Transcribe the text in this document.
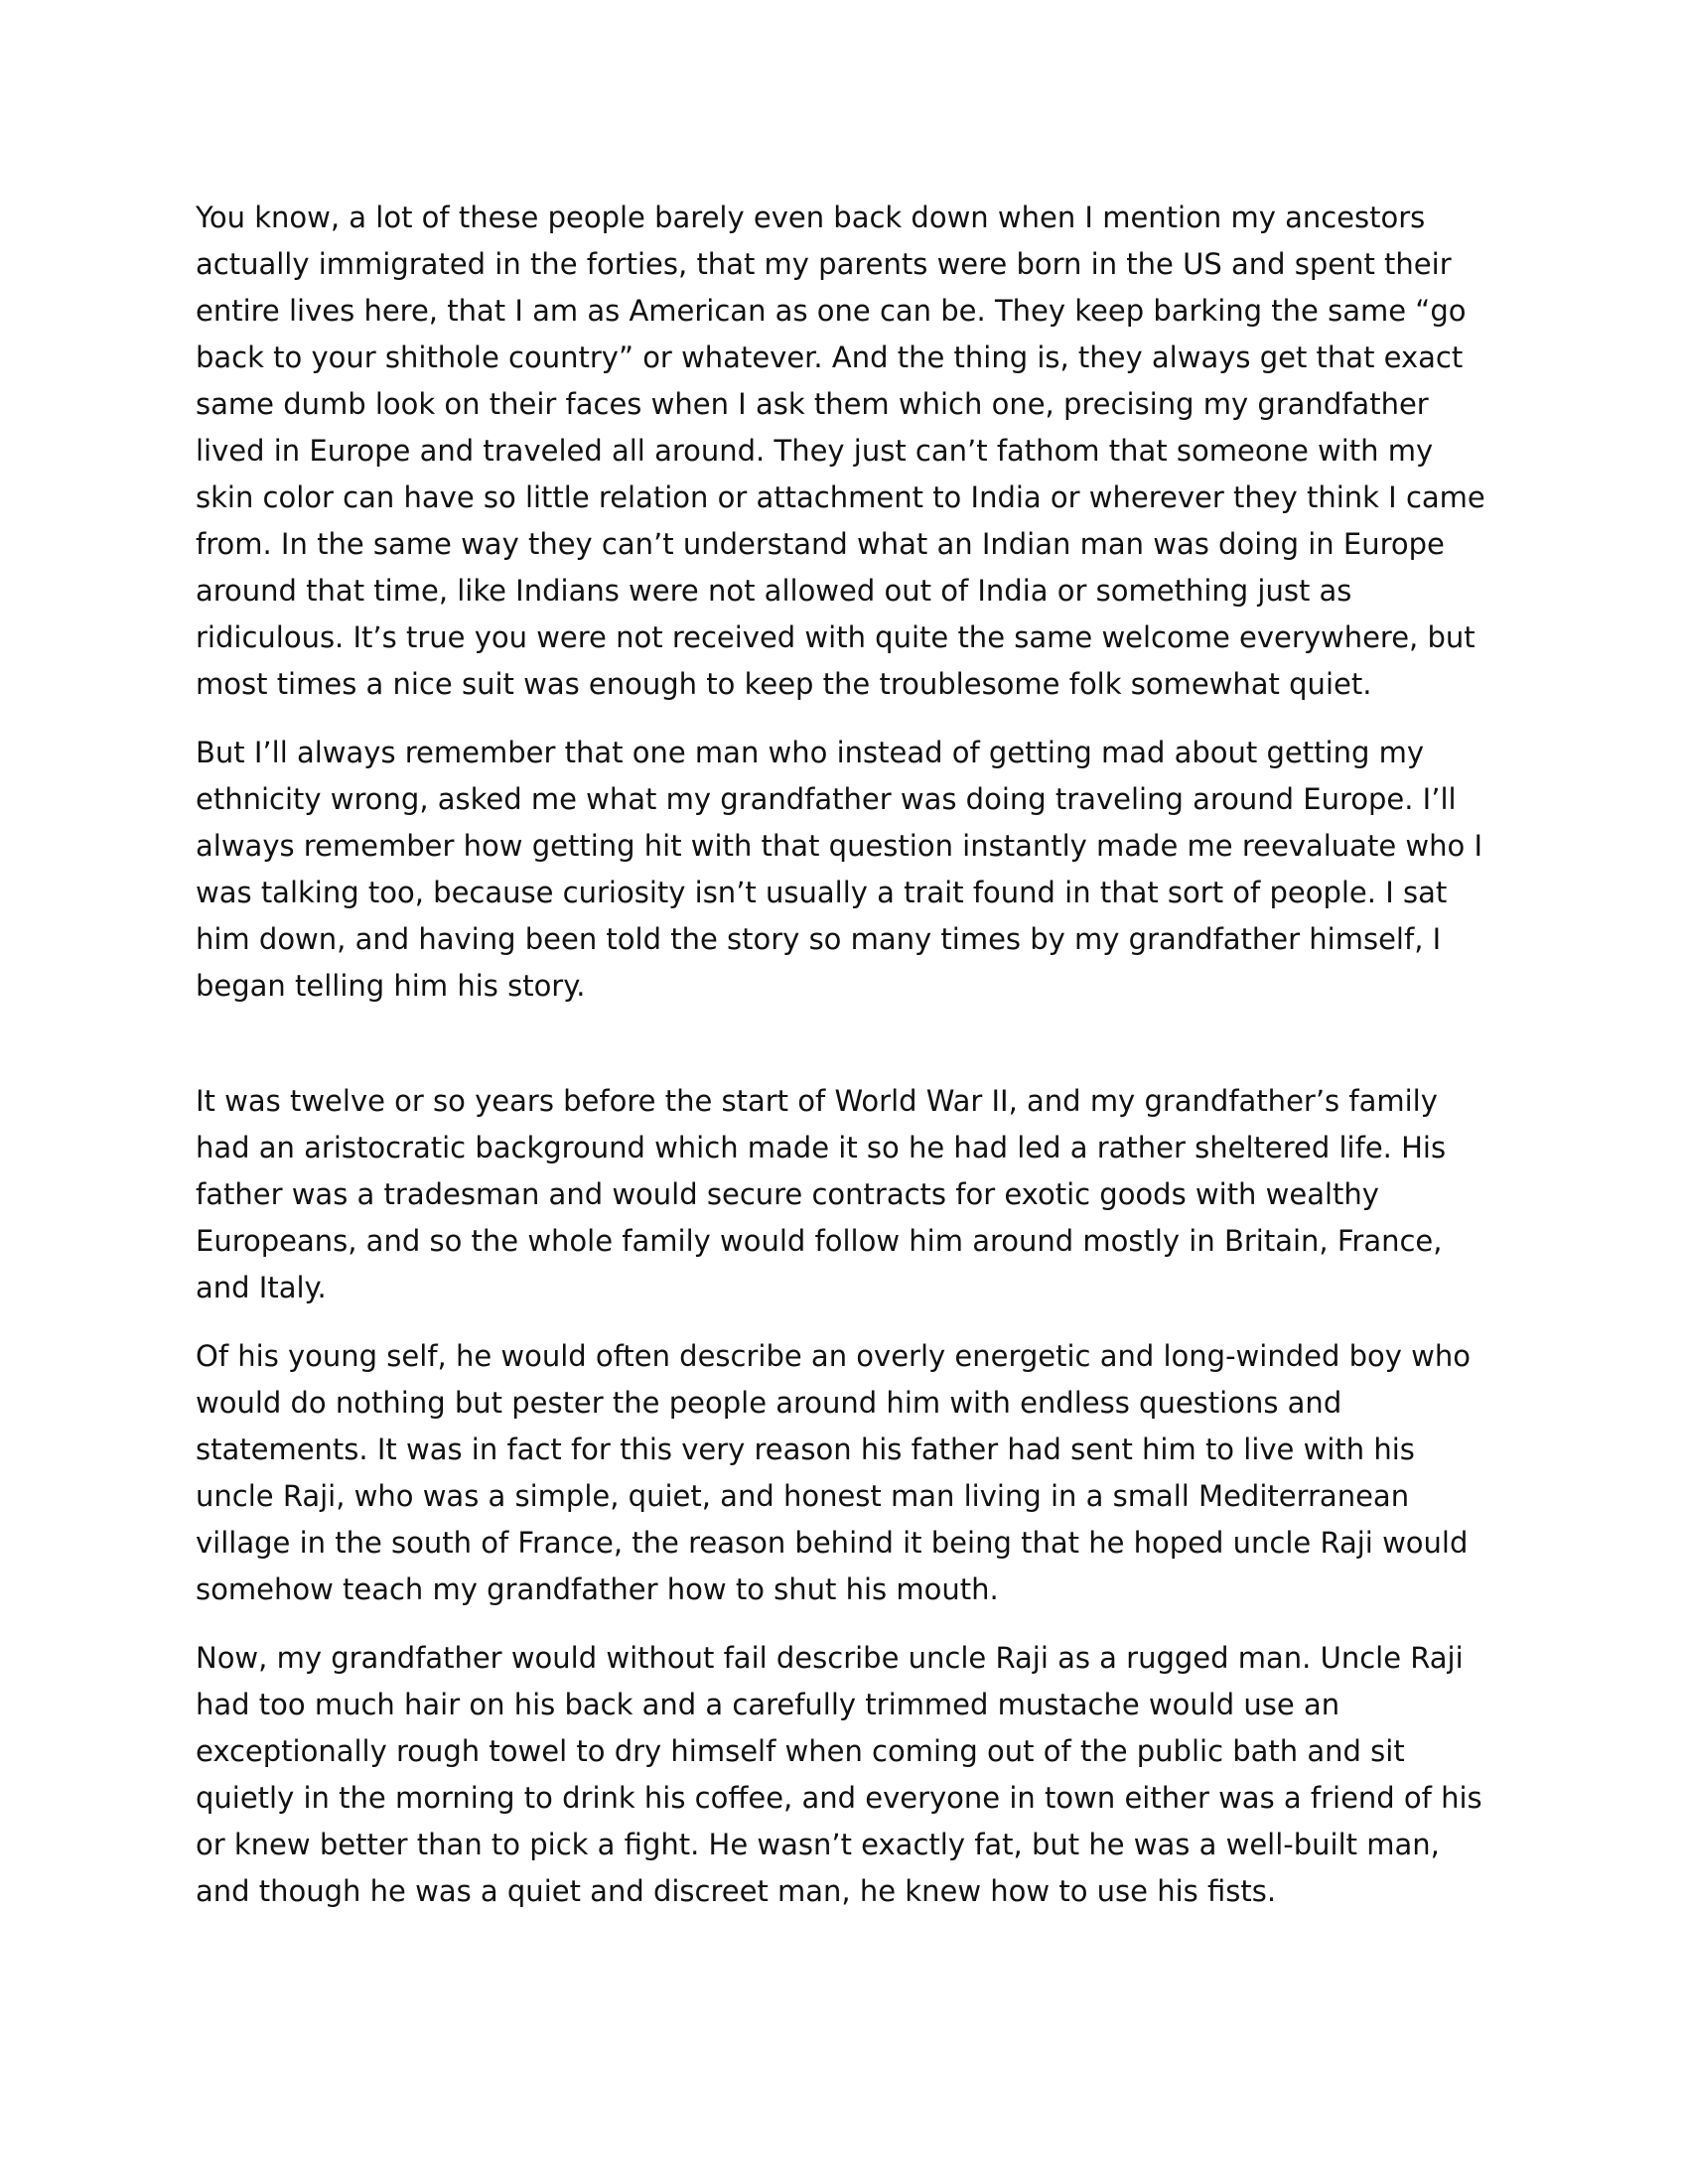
You know, a lot of these people barely even back down when I mention my ancestors actually immigrated in the forties, that my parents were born in the US and spent their entire lives here, that I am as American as one can be. They keep barking the same “go back to your shithole country” or whatever. And the thing is, they always get that exact same dumb look on their faces when I ask them which one, precising my grandfather lived in Europe and traveled all around. They just can’t fathom that someone with my skin color can have so little relation or attachment to India or wherever they think I came from. In the same way they can’t understand what an Indian man was doing in Europe around that time, like Indians were not allowed out of India or something just as ridiculous. It’s true you were not received with quite the same welcome everywhere, but most times a nice suit was enough to keep the troublesome folk somewhat quiet.

But I’ll always remember that one man who instead of getting mad about getting my ethnicity wrong, asked me what my grandfather was doing traveling around Europe. I’ll always remember how getting hit with that question instantly made me reevaluate who I was talking too, because curiosity isn’t usually a trait found in that sort of people. I sat him down, and having been told the story so many times by my grandfather himself, I began telling him his story.

It was twelve or so years before the start of World War II, and my grandfather’s family had an aristocratic background which made it so he had led a rather sheltered life. His father was a tradesman and would secure contracts for exotic goods with wealthy Europeans, and so the whole family would follow him around mostly in Britain, France, and Italy.

Of his young self, he would often describe an overly energetic and long-winded boy who would do nothing but pester the people around him with endless questions and statements. It was in fact for this very reason his father had sent him to live with his uncle Raji, who was a simple, quiet, and honest man living in a small Mediterranean village in the south of France, the reason behind it being that he hoped uncle Raji would somehow teach my grandfather how to shut his mouth.

Now, my grandfather would without fail describe uncle Raji as a rugged man. Uncle Raji had too much hair on his back and a carefully trimmed mustache would use an exceptionally rough towel to dry himself when coming out of the public bath and sit quietly in the morning to drink his coffee, and everyone in town either was a friend of his or knew better than to pick a fight. He wasn’t exactly fat, but he was a well-built man, and though he was a quiet and discreet man, he knew how to use his fists.
